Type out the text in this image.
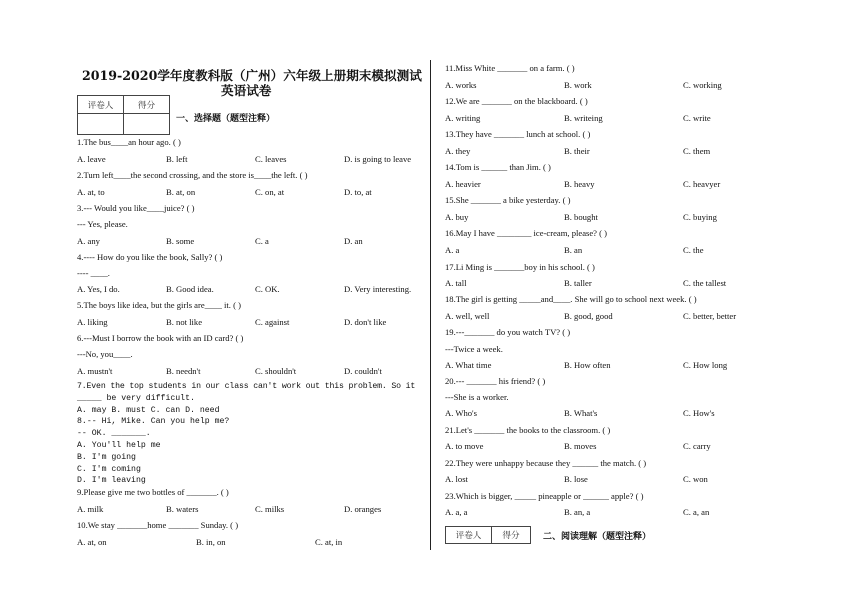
2019-2020学年度教科版（广州）六年级上册期末模拟测试
英语试卷
评卷人	得分

一、选择题（题型注释）
1.The bus____an hour ago. ( )
A. leave	B. left	C. leaves	D. is going to leave
2.Turn left____the second crossing, and the store is____the left. ( )
A. at, to	B. at, on	C. on, at	D. to, at
3.--- Would you like____juice? ( )
--- Yes, please.
A. any	B. some	C. a	D. an
4.---- How do you like the book, Sally? ( )
---- ____.
A. Yes, I do.	B. Good idea.	C. OK.	D. Very interesting.
5.The boys like idea, but the girls are____ it. ( )
A. liking	B. not like	C. against	D. don't like
6.---Must I borrow the book with an ID card? ( )
---No, you____.
A. mustn't	B. needn't	C. shouldn't	D. couldn't
7.Even the top students in our class can't work out this problem. So it
_____ be very difficult.
A. may B. must C. can D. need
8.-- Hi, Mike. Can you help me?
-- OK. _______.
A. You'll help me
B. I'm going
C. I'm coming
D. I'm leaving
9.Please give me two bottles of _______. ( )
A. milk	B. waters	C. milks	D. oranges
10.We stay _______home _______ Sunday. ( )
A. at, on	B. in, on	C. at, in
11.Miss White _______ on a farm. ( )
A. works	B. work	C. working
12.We are _______ on the blackboard. ( )
A. writing	B. writeing	C. write
13.They have _______ lunch at school. ( )
A. they	B. their	C. them
14.Tom is ______ than Jim. ( )
A. heavier	B. heavy	C. heavyer
15.She _______ a bike yesterday. ( )
A. buy	B. bought	C. buying
16.May I have ________ ice-cream, please? ( )
A. a	B. an	C. the
17.Li Ming is _______boy in his school. ( )
A. tall	B. taller	C. the tallest
18.The girl is getting _____and____. She will go to school next week. ( )
A. well, well	B. good, good	C. better, better
19.---_______ do you watch TV? ( )
---Twice a week.
A. What time	B. How often	C. How long
20.--- _______ his friend? ( )
---She is a worker.
A. Who's	B. What's	C. How's
21.Let's _______ the books to the classroom. ( )
A. to move	B. moves	C. carry
22.They were unhappy because they ______ the match. ( )
A. lost	B. lose	C. won
23.Which is bigger, _____ pineapple or ______ apple? ( )
A. a, a	B. an, a	C. a, an
评卷人	得分	二、阅读理解（题型注释）
